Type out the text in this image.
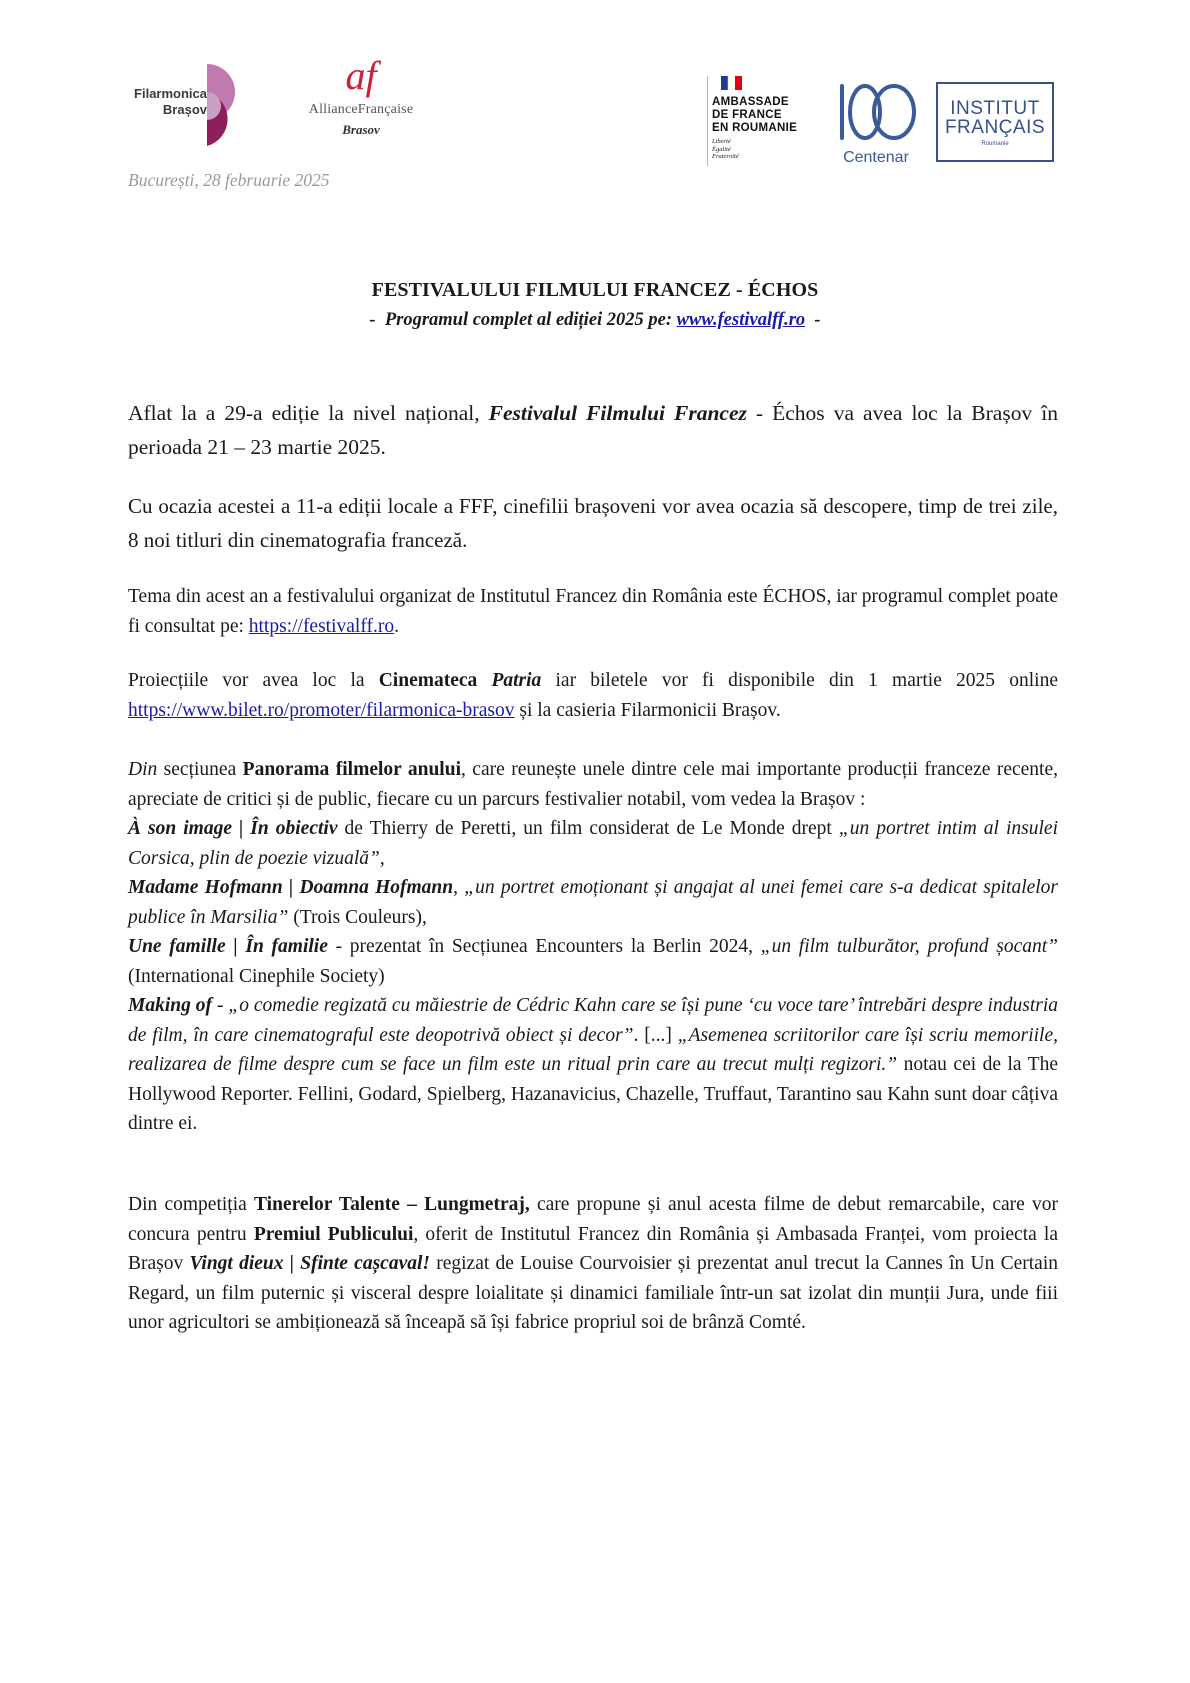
Filarmonica
Brașov
af
AllianceFrançaise
Brasov
AMBASSADE
DE FRANCE
EN ROUMANIE
Liberté
Égalité
Fraternité	Centenar
INSTITUT
FRANÇAIS
Roumanie
București, 28 februarie 2025
FESTIVALULUI FILMULUI FRANCEZ - ÉCHOS
-  Programul complet al ediției 2025 pe: www.festivalff.ro  -
Aflat la a 29-a ediție la nivel național, Festivalul Filmului Francez - Échos va avea loc la Brașov în perioada 21 – 23 martie 2025.
Cu ocazia acestei a 11-a ediții locale a FFF, cinefilii brașoveni vor avea ocazia să descopere, timp de trei zile, 8 noi titluri din cinematografia franceză.
Tema din acest an a festivalului organizat de Institutul Francez din România este ÉCHOS, iar programul complet poate fi consultat pe: https://festivalff.ro.
Proiecțiile vor avea loc la Cinemateca Patria iar biletele vor fi disponibile din 1 martie 2025 online https://www.bilet.ro/promoter/filarmonica-brasov și la casieria Filarmonicii Brașov.
Din secțiunea Panorama filmelor anului, care reunește unele dintre cele mai importante producții franceze recente, apreciate de critici și de public, fiecare cu un parcurs festivalier notabil, vom vedea la Brașov :
À son image | În obiectiv de Thierry de Peretti, un film considerat de Le Monde drept „un portret intim al insulei Corsica, plin de poezie vizuală”,
Madame Hofmann | Doamna Hofmann, „un portret emoționant și angajat al unei femei care s-a dedicat spitalelor publice în Marsilia” (Trois Couleurs),
Une famille | În familie - prezentat în Secțiunea Encounters la Berlin 2024, „un film tulburător, profund șocant” (International Cinephile Society)
Making of - „o comedie regizată cu măiestrie de Cédric Kahn care se își pune ‘cu voce tare’ întrebări despre industria de film, în care cinematograful este deopotrivă obiect și decor”. [...] „Asemenea scriitorilor care își scriu memoriile, realizarea de filme despre cum se face un film este un ritual prin care au trecut mulți regizori.” notau cei de la The Hollywood Reporter. Fellini, Godard, Spielberg, Hazanavicius, Chazelle, Truffaut, Tarantino sau Kahn sunt doar câțiva dintre ei.
Din competiția Tinerelor Talente – Lungmetraj, care propune și anul acesta filme de debut remarcabile, care vor concura pentru Premiul Publicului, oferit de Institutul Francez din România și Ambasada Franței, vom proiecta la Brașov Vingt dieux | Sfinte cașcaval! regizat de Louise Courvoisier și prezentat anul trecut la Cannes în Un Certain Regard, un film puternic și visceral despre loialitate și dinamici familiale într-un sat izolat din munții Jura, unde fiii unor agricultori se ambiționează să înceapă să își fabrice propriul soi de brânză Comté.
